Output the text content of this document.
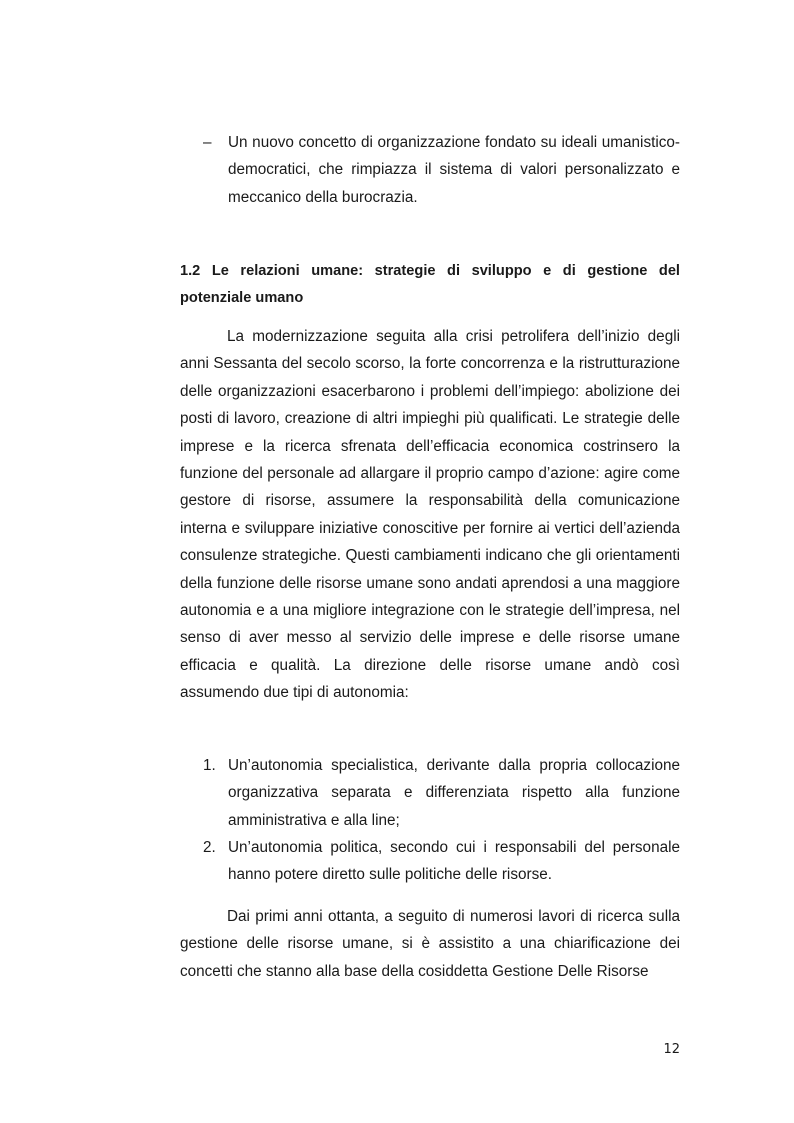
– Un nuovo concetto di organizzazione fondato su ideali umanistico-democratici, che rimpiazza il sistema di valori personalizzato e meccanico della burocrazia.

1.2 Le relazioni umane: strategie di sviluppo e di gestione del potenziale umano

La modernizzazione seguita alla crisi petrolifera dell’inizio degli anni Sessanta del secolo scorso, la forte concorrenza e la ristrutturazione delle organizzazioni esacerbarono i problemi dell’impiego: abolizione dei posti di lavoro, creazione di altri impieghi più qualificati. Le strategie delle imprese e la ricerca sfrenata dell’efficacia economica costrinsero la funzione del personale ad allargare il proprio campo d’azione: agire come gestore di risorse, assumere la responsabilità della comunicazione interna e sviluppare iniziative conoscitive per fornire ai vertici dell’azienda consulenze strategiche. Questi cambiamenti indicano che gli orientamenti della funzione delle risorse umane sono andati aprendosi a una maggiore autonomia e a una migliore integrazione con le strategie dell’impresa, nel senso di aver messo al servizio delle imprese e delle risorse umane efficacia e qualità. La direzione delle risorse umane andò così assumendo due tipi di autonomia:

1. Un’autonomia specialistica, derivante dalla propria collocazione organizzativa separata e differenziata rispetto alla funzione amministrativa e alla line;
2. Un’autonomia politica, secondo cui i responsabili del personale hanno potere diretto sulle politiche delle risorse.

Dai primi anni ottanta, a seguito di numerosi lavori di ricerca sulla gestione delle risorse umane, si è assistito a una chiarificazione dei concetti che stanno alla base della cosiddetta Gestione Delle Risorse

12
